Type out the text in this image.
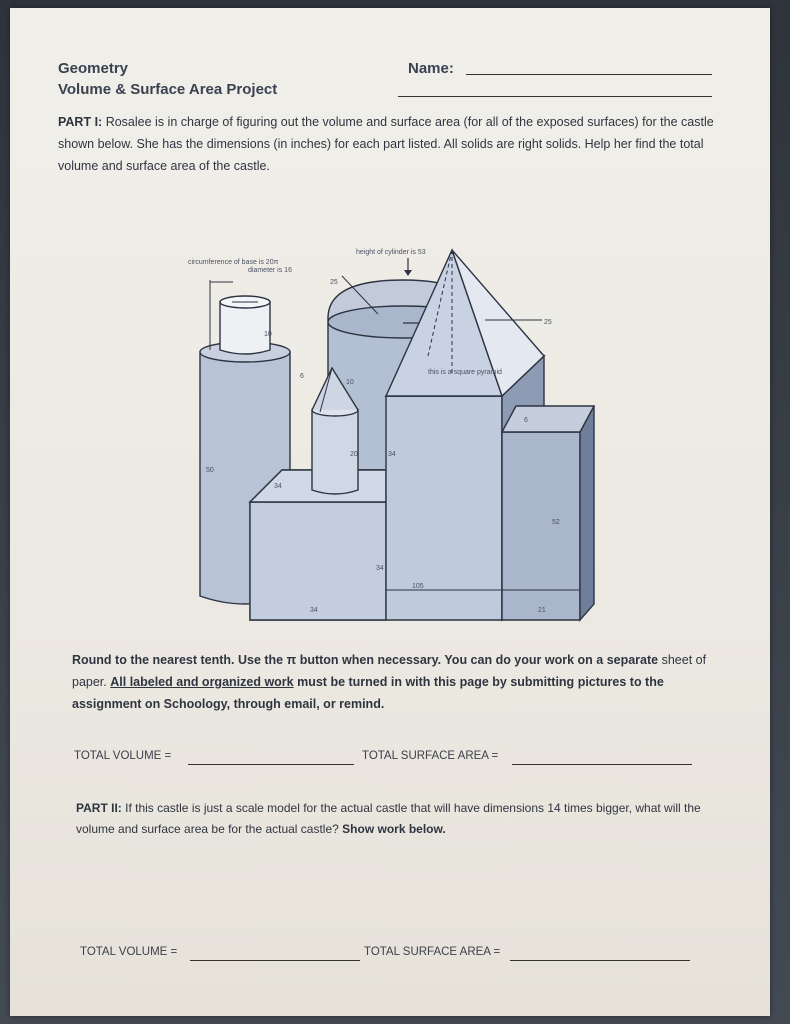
Geometry
Volume & Surface Area Project
Name:
PART I: Rosalee is in charge of figuring out the volume and surface area (for all of the exposed surfaces) for the castle shown below. She has the dimensions (in inches) for each part listed. All solids are right solids. Help her find the total volume and surface area of the castle.
circumference of base is 20π
diameter is 16
height of cylinder is 53
this is a square pyramid
25
25
10
10
6
6
20	34
34
34
34
50
52
105
21
Round to the nearest tenth. Use the π button when necessary. You can do your work on a separate sheet of paper. All labeled and organized work must be turned in with this page by submitting pictures to the assignment on Schoology, through email, or remind.
TOTAL VOLUME =	TOTAL SURFACE AREA =
PART II: If this castle is just a scale model for the actual castle that will have dimensions 14 times bigger, what will the volume and surface area be for the actual castle? Show work below.
TOTAL VOLUME =	TOTAL SURFACE AREA =
